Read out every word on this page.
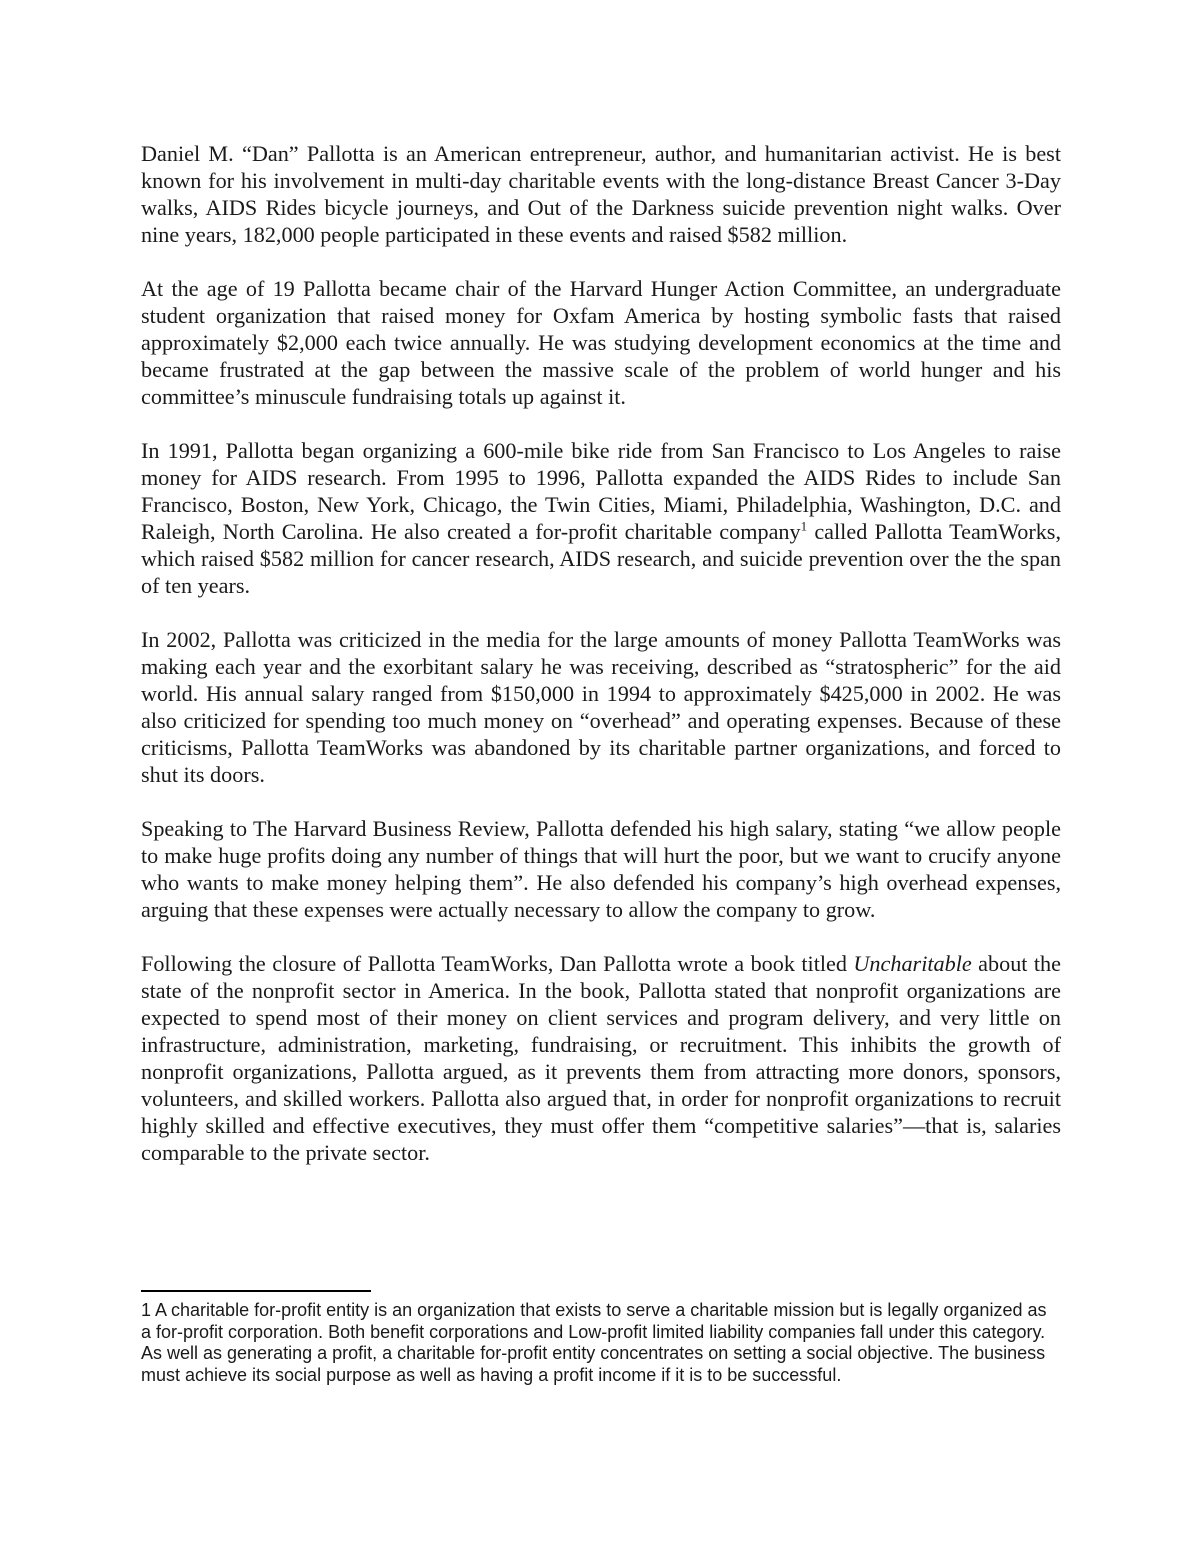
Daniel M. “Dan” Pallotta is an American entrepreneur, author, and humanitarian activist. He is best known for his involvement in multi-day charitable events with the long-distance Breast Cancer 3-Day walks, AIDS Rides bicycle journeys, and Out of the Darkness suicide prevention night walks. Over nine years, 182,000 people participated in these events and raised $582 million.

At the age of 19 Pallotta became chair of the Harvard Hunger Action Committee, an undergraduate student organization that raised money for Oxfam America by hosting symbolic fasts that raised approximately $2,000 each twice annually. He was studying development economics at the time and became frustrated at the gap between the massive scale of the problem of world hunger and his committee’s minuscule fundraising totals up against it.

In 1991, Pallotta began organizing a 600-mile bike ride from San Francisco to Los Angeles to raise money for AIDS research. From 1995 to 1996, Pallotta expanded the AIDS Rides to include San Francisco, Boston, New York, Chicago, the Twin Cities, Miami, Philadelphia, Washington, D.C. and Raleigh, North Carolina. He also created a for-profit charitable company$^1$ called Pallotta TeamWorks, which raised $582 million for cancer research, AIDS research, and suicide prevention over the the span of ten years.

In 2002, Pallotta was criticized in the media for the large amounts of money Pallotta TeamWorks was making each year and the exorbitant salary he was receiving, described as “stratospheric” for the aid world. His annual salary ranged from $150,000 in 1994 to approximately $425,000 in 2002. He was also criticized for spending too much money on “overhead” and operating expenses. Because of these criticisms, Pallotta TeamWorks was abandoned by its charitable partner organizations, and forced to shut its doors.

Speaking to The Harvard Business Review, Pallotta defended his high salary, stating “we allow people to make huge profits doing any number of things that will hurt the poor, but we want to crucify anyone who wants to make money helping them”. He also defended his company’s high overhead expenses, arguing that these expenses were actually necessary to allow the company to grow.

Following the closure of Pallotta TeamWorks, Dan Pallotta wrote a book titled Uncharitable about the state of the nonprofit sector in America. In the book, Pallotta stated that nonprofit organizations are expected to spend most of their money on client services and program delivery, and very little on infrastructure, administration, marketing, fundraising, or recruitment. This inhibits the growth of nonprofit organizations, Pallotta argued, as it prevents them from attracting more donors, sponsors, volunteers, and skilled workers. Pallotta also argued that, in order for nonprofit organizations to recruit highly skilled and effective executives, they must offer them “competitive salaries”—that is, salaries comparable to the private sector.

1 A charitable for-profit entity is an organization that exists to serve a charitable mission but is legally organized as a for-profit corporation. Both benefit corporations and Low-profit limited liability companies fall under this category. As well as generating a profit, a charitable for-profit entity concentrates on setting a social objective. The business must achieve its social purpose as well as having a profit income if it is to be successful.
